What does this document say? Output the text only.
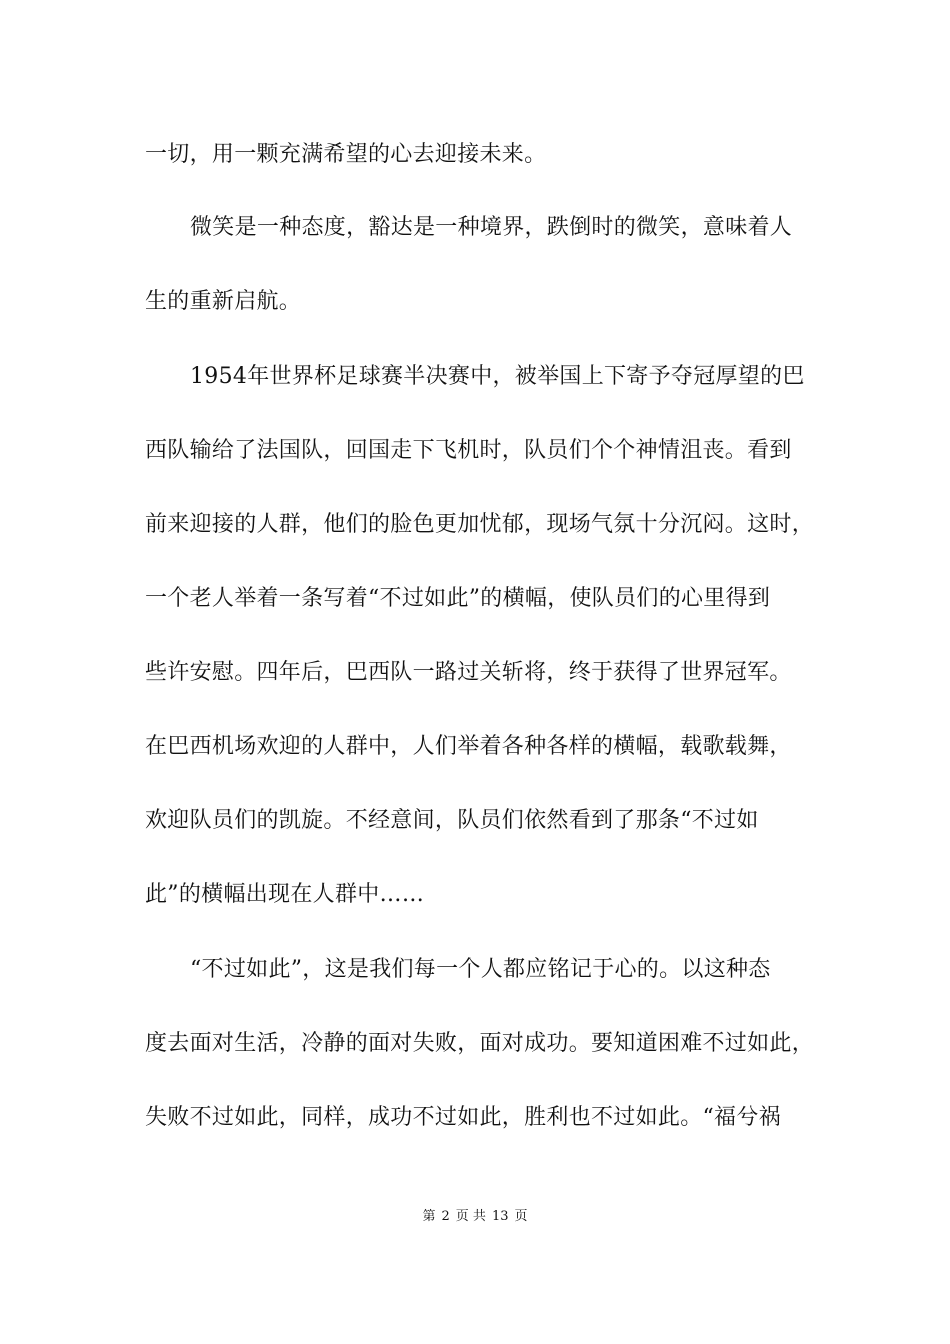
一切，用一颗充满希望的心去迎接未来。
微笑是一种态度，豁达是一种境界，跌倒时的微笑，意味着人
生的重新启航。
1954年世界杯足球赛半决赛中，被举国上下寄予夺冠厚望的巴
西队输给了法国队，回国走下飞机时，队员们个个神情沮丧。看到
前来迎接的人群，他们的脸色更加忧郁，现场气氛十分沉闷。这时，
一个老人举着一条写着“不过如此”的横幅，使队员们的心里得到
些许安慰。四年后，巴西队一路过关斩将，终于获得了世界冠军。
在巴西机场欢迎的人群中，人们举着各种各样的横幅，载歌载舞，
欢迎队员们的凯旋。不经意间，队员们依然看到了那条“不过如
此”的横幅出现在人群中……
“不过如此”，这是我们每一个人都应铭记于心的。以这种态
度去面对生活，冷静的面对失败，面对成功。要知道困难不过如此，
失败不过如此，同样，成功不过如此，胜利也不过如此。“福兮祸
第 2 页 共 13 页
